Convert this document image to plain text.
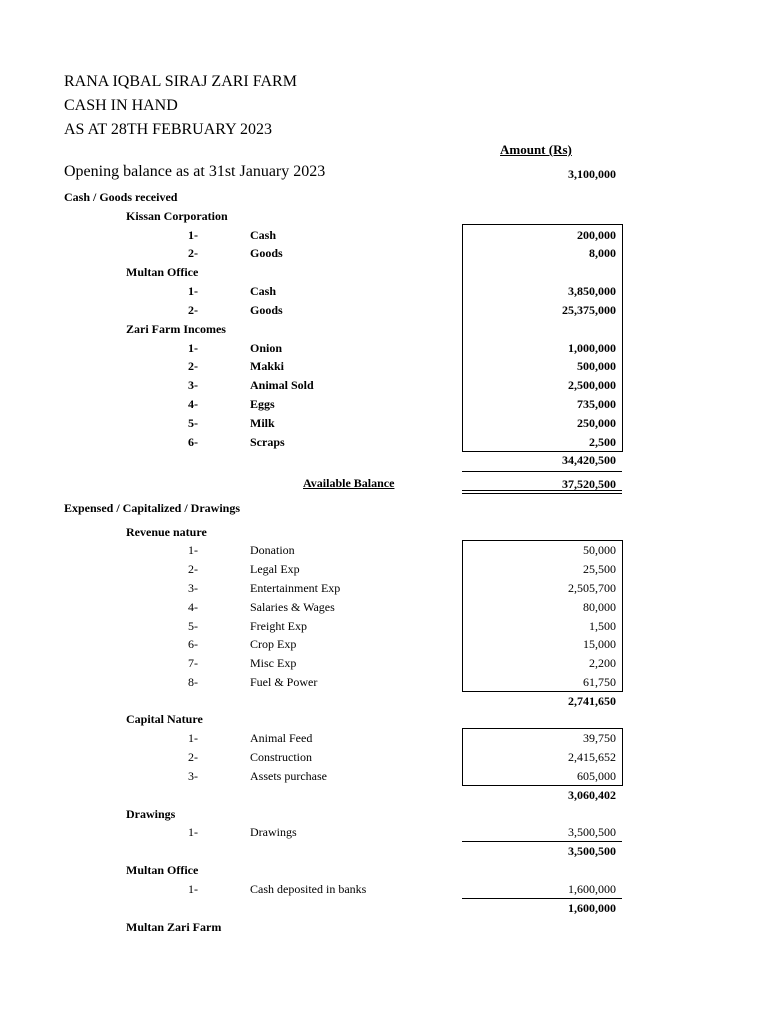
RANA IQBAL SIRAJ ZARI FARM
CASH IN HAND
AS AT 28TH FEBRUARY 2023
Amount (Rs)
Opening balance as at 31st January 2023	3,100,000
Cash / Goods received
Kissan Corporation
1-	Cash	200,000
2-	Goods	8,000
Multan Office
1-	Cash	3,850,000
2-	Goods	25,375,000
Zari Farm Incomes
1-	Onion	1,000,000
2-	Makki	500,000
3-	Animal Sold	2,500,000
4-	Eggs	735,000
5-	Milk	250,000
6-	Scraps	2,500
34,420,500
Available Balance	37,520,500
Expensed / Capitalized / Drawings
Revenue nature
1-	Donation	50,000
2-	Legal Exp	25,500
3-	Entertainment Exp	2,505,700
4-	Salaries & Wages	80,000
5-	Freight Exp	1,500
6-	Crop Exp	15,000
7-	Misc Exp	2,200
8-	Fuel & Power	61,750
2,741,650
Capital Nature
1-	Animal Feed	39,750
2-	Construction	2,415,652
3-	Assets purchase	605,000
3,060,402
Drawings
1-	Drawings	3,500,500
3,500,500
Multan Office
1-	Cash deposited in banks	1,600,000
1,600,000
Multan Zari Farm
